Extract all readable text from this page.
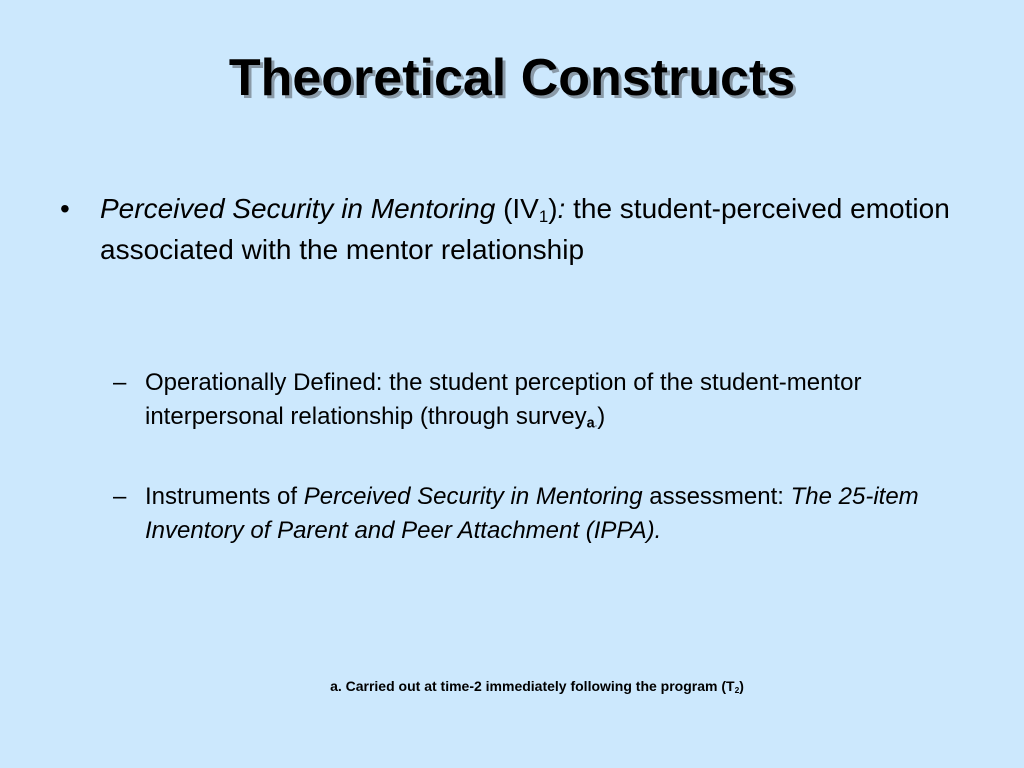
Theoretical Constructs
• Perceived Security in Mentoring $(IV_1)$: the student-perceived emotion associated with the mentor relationship
– Operationally Defined: the student perception of the student-mentor interpersonal relationship (through survey$_{a.}$)
– Instruments of Perceived Security in Mentoring assessment: The 25-item Inventory of Parent and Peer Attachment (IPPA).
a. Carried out at time-2 immediately following the program $(T_2)$
